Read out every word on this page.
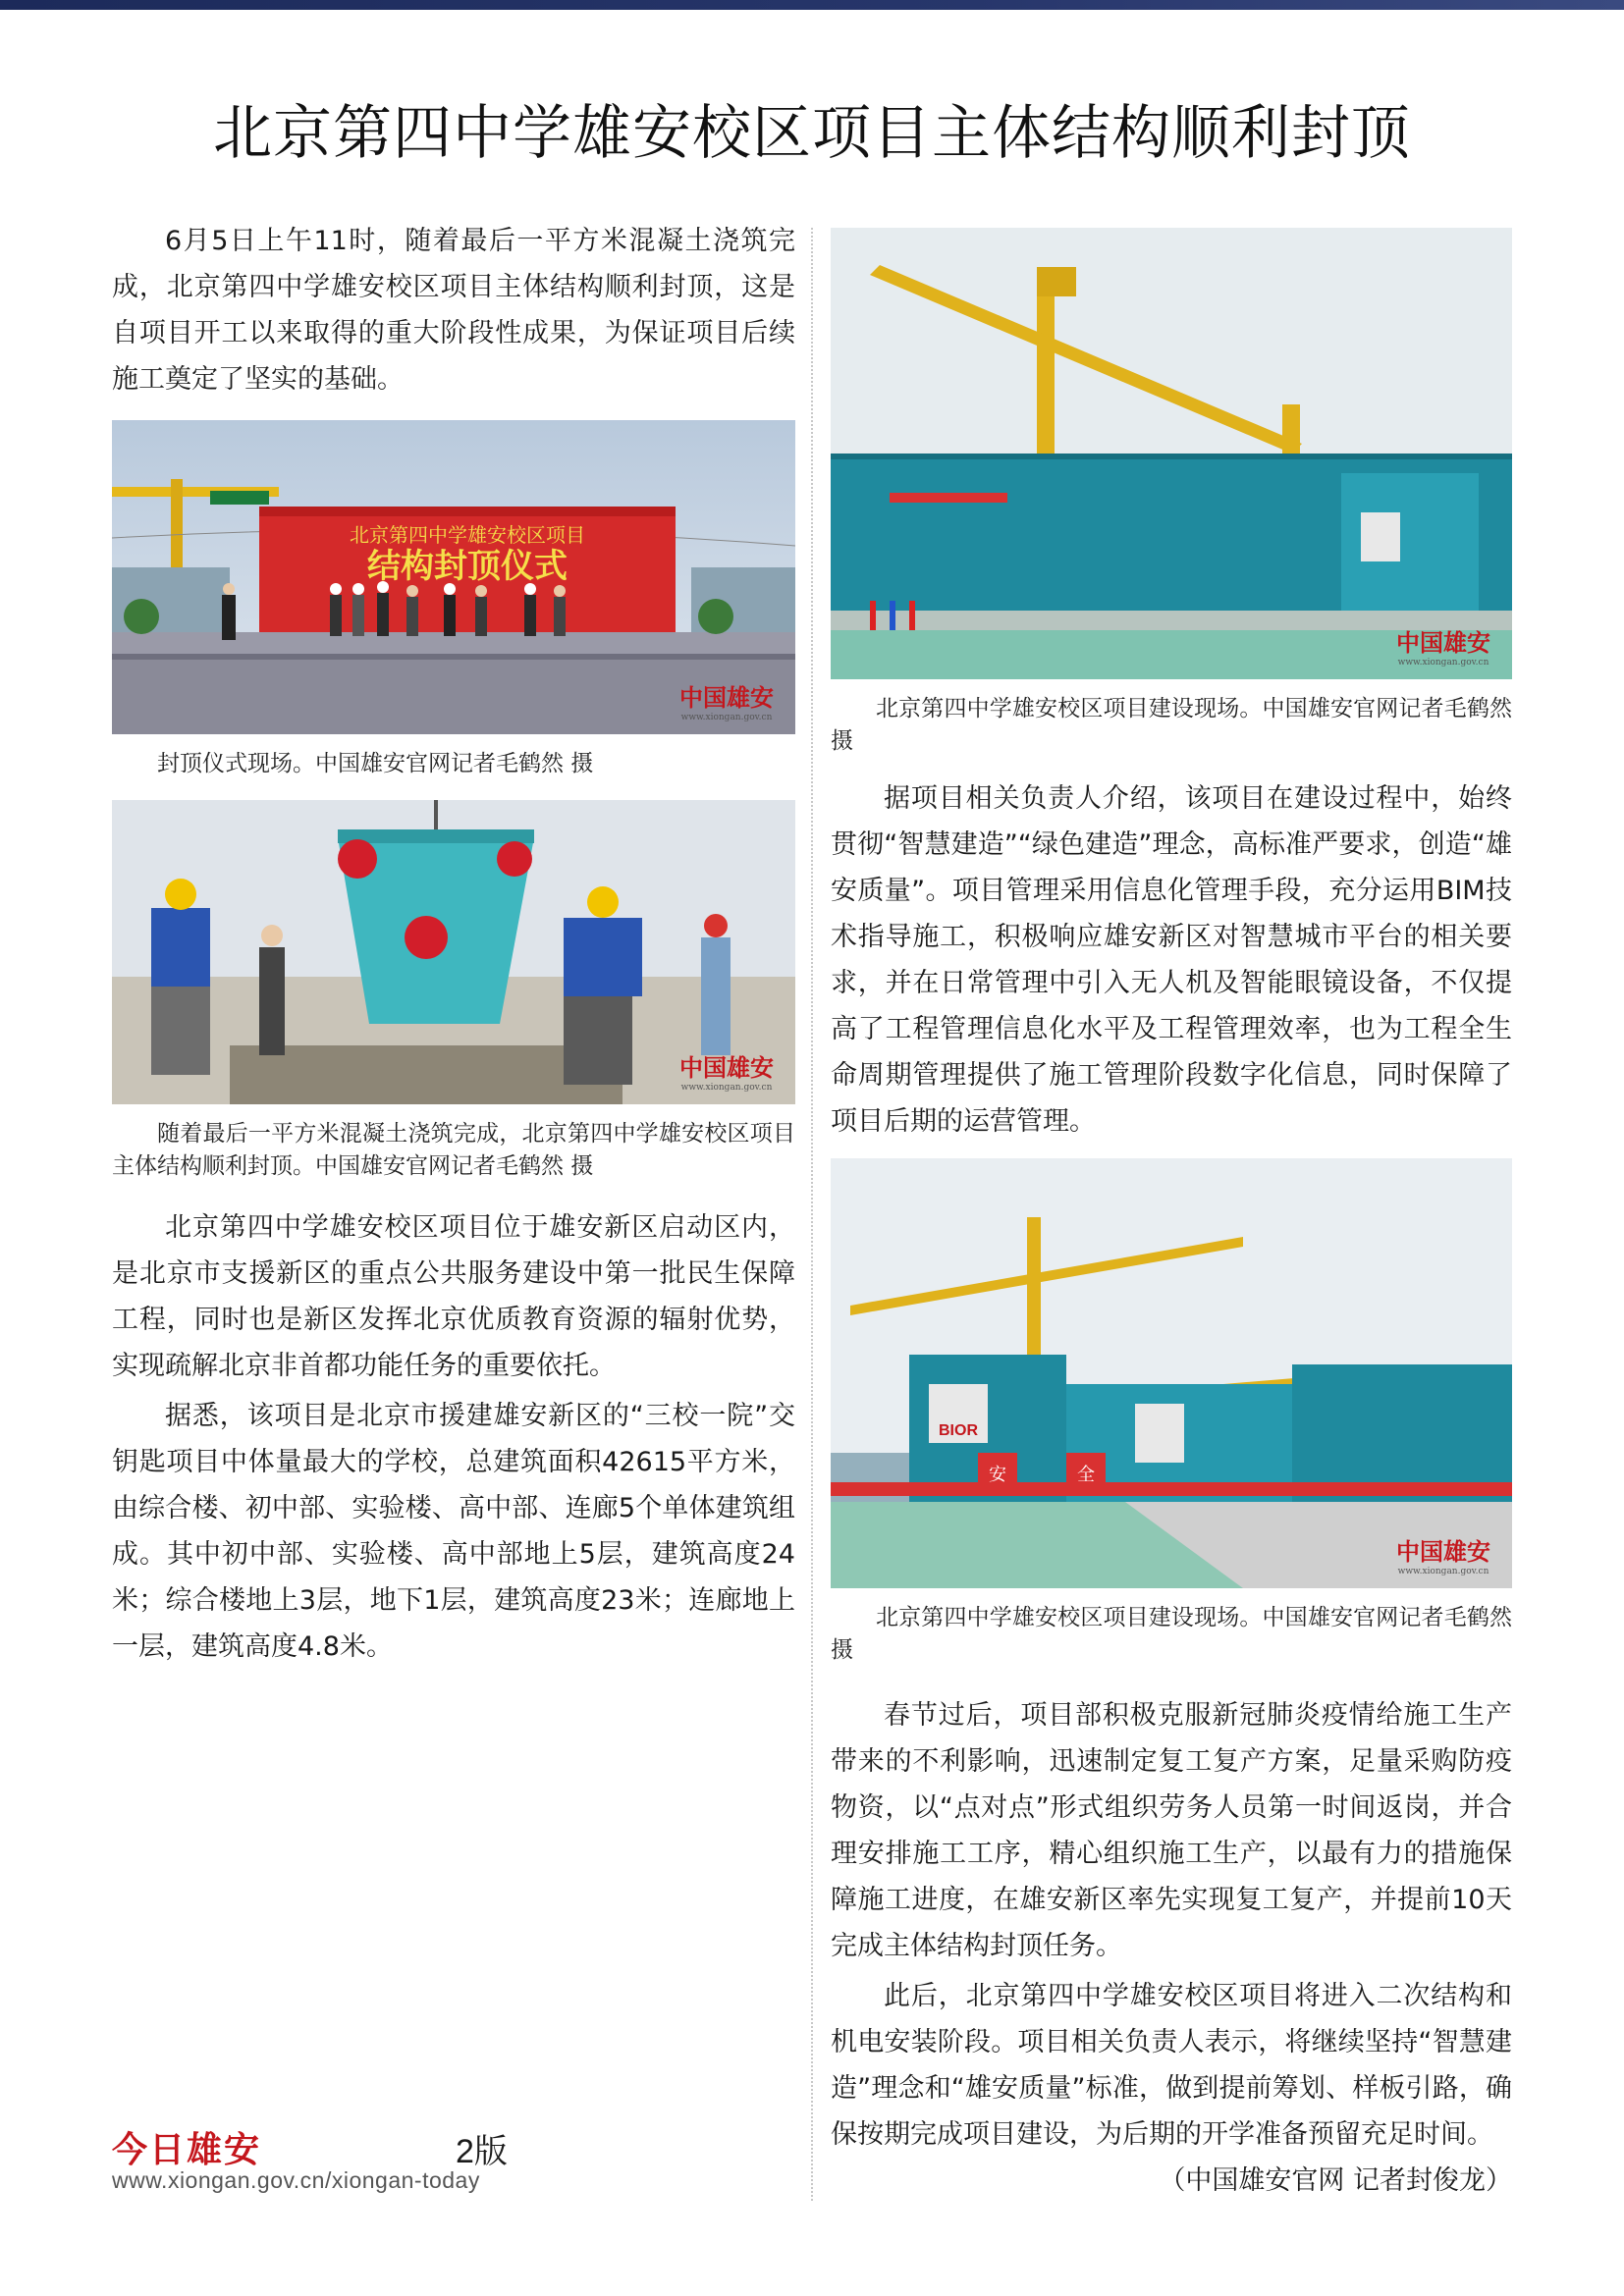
北京第四中学雄安校区项目主体结构顺利封顶

6月5日上午11时，随着最后一平方米混凝土浇筑完成，北京第四中学雄安校区项目主体结构顺利封顶，这是自项目开工以来取得的重大阶段性成果，为保证项目后续施工奠定了坚实的基础。

北京第四中学雄安校区项目
结构封顶仪式
中国雄安
www.xiongan.gov.cn
封顶仪式现场。中国雄安官网记者毛鹤然 摄
中国雄安
www.xiongan.gov.cn
随着最后一平方米混凝土浇筑完成，北京第四中学雄安校区项目主体结构顺利封顶。中国雄安官网记者毛鹤然 摄

北京第四中学雄安校区项目位于雄安新区启动区内，是北京市支援新区的重点公共服务建设中第一批民生保障工程，同时也是新区发挥北京优质教育资源的辐射优势，实现疏解北京非首都功能任务的重要依托。

据悉，该项目是北京市援建雄安新区的“三校一院”交钥匙项目中体量最大的学校，总建筑面积42615平方米，由综合楼、初中部、实验楼、高中部、连廊5个单体建筑组成。其中初中部、实验楼、高中部地上5层，建筑高度24米；综合楼地上3层，地下1层，建筑高度23米；连廊地上一层，建筑高度4.8米。

中国雄安
www.xiongan.gov.cn
北京第四中学雄安校区项目建设现场。中国雄安官网记者毛鹤然 摄

据项目相关负责人介绍，该项目在建设过程中，始终贯彻“智慧建造”“绿色建造”理念，高标准严要求，创造“雄安质量”。项目管理采用信息化管理手段，充分运用BIM技术指导施工，积极响应雄安新区对智慧城市平台的相关要求，并在日常管理中引入无人机及智能眼镜设备，不仅提高了工程管理信息化水平及工程管理效率，也为工程全生命周期管理提供了施工管理阶段数字化信息，同时保障了项目后期的运营管理。

BIOR
安	全
中国雄安
www.xiongan.gov.cn
北京第四中学雄安校区项目建设现场。中国雄安官网记者毛鹤然 摄

春节过后，项目部积极克服新冠肺炎疫情给施工生产带来的不利影响，迅速制定复工复产方案，足量采购防疫物资，以“点对点”形式组织劳务人员第一时间返岗，并合理安排施工工序，精心组织施工生产，以最有力的措施保障施工进度，在雄安新区率先实现复工复产，并提前10天完成主体结构封顶任务。

此后，北京第四中学雄安校区项目将进入二次结构和机电安装阶段。项目相关负责人表示，将继续坚持“智慧建造”理念和“雄安质量”标准，做到提前筹划、样板引路，确保按期完成项目建设，为后期的开学准备预留充足时间。
（中国雄安官网 记者封俊龙）

今日雄安	2版
www.xiongan.gov.cn/xiongan-today
